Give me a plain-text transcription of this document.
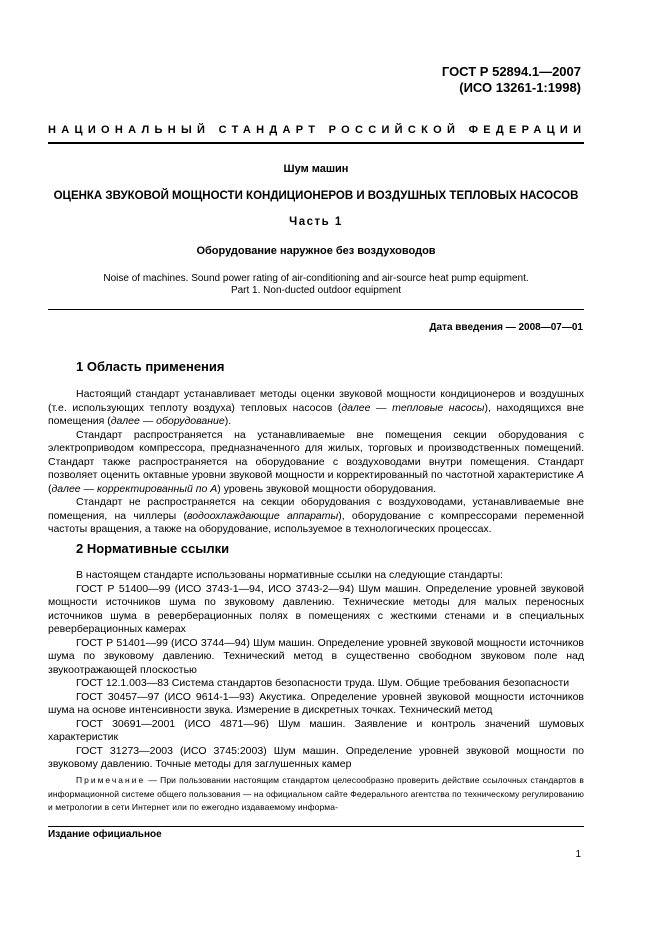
ГОСТ Р 52894.1—2007
(ИСО 13261-1:1998)
НАЦИОНАЛЬНЫЙ СТАНДАРТ РОССИЙСКОЙ ФЕДЕРАЦИИ
Шум машин
ОЦЕНКА ЗВУКОВОЙ МОЩНОСТИ КОНДИЦИОНЕРОВ И ВОЗДУШНЫХ ТЕПЛОВЫХ НАСОСОВ
Часть 1
Оборудование наружное без воздуховодов
Noise of machines. Sound power rating of air-conditioning and air-source heat pump equipment.
Part 1. Non-ducted outdoor equipment
Дата введения — 2008—07—01
1 Область применения

Настоящий стандарт устанавливает методы оценки звуковой мощности кондиционеров и воздушных (т.е. использующих теплоту воздуха) тепловых насосов (далее — тепловые насосы), находящихся вне помещения (далее — оборудование).

Стандарт распространяется на устанавливаемые вне помещения секции оборудования с электроприводом компрессора, предназначенного для жилых, торговых и производственных помещений. Стандарт также распространяется на оборудование с воздуховодами внутри помещения. Стандарт позволяет оценить октавные уровни звуковой мощности и корректированный по частотной характеристике А (далее — корректированный по А) уровень звуковой мощности оборудования.

Стандарт не распространяется на секции оборудования с воздуховодами, устанавливаемые вне помещения, на чиллеры (водоохлаждающие аппараты), оборудование с компрессорами переменной частоты вращения, а также на оборудование, используемое в технологических процессах.

2 Нормативные ссылки

В настоящем стандарте использованы нормативные ссылки на следующие стандарты:

ГОСТ Р 51400—99 (ИСО 3743-1—94, ИСО 3743-2—94) Шум машин. Определение уровней звуковой мощности источников шума по звуковому давлению. Технические методы для малых переносных источников шума в реверберационных полях в помещениях с жесткими стенами и в специальных реверберационных камерах

ГОСТ Р 51401—99 (ИСО 3744—94) Шум машин. Определение уровней звуковой мощности источников шума по звуковому давлению. Технический метод в существенно свободном звуковом поле над звукоотражающей плоскостью

ГОСТ 12.1.003—83 Система стандартов безопасности труда. Шум. Общие требования безопасности

ГОСТ 30457—97 (ИСО 9614-1—93) Акустика. Определение уровней звуковой мощности источников шума на основе интенсивности звука. Измерение в дискретных точках. Технический метод

ГОСТ 30691—2001 (ИСО 4871—96) Шум машин. Заявление и контроль значений шумовых характеристик

ГОСТ 31273—2003 (ИСО 3745:2003) Шум машин. Определение уровней звуковой мощности по звуковому давлению. Точные методы для заглушенных камер

Примечание — При пользовании настоящим стандартом целесообразно проверить действие ссылочных стандартов в информационной системе общего пользования — на официальном сайте Федерального агентства по техническому регулированию и метрологии в сети Интернет или по ежегодно издаваемому информа-

Издание официальное
1
